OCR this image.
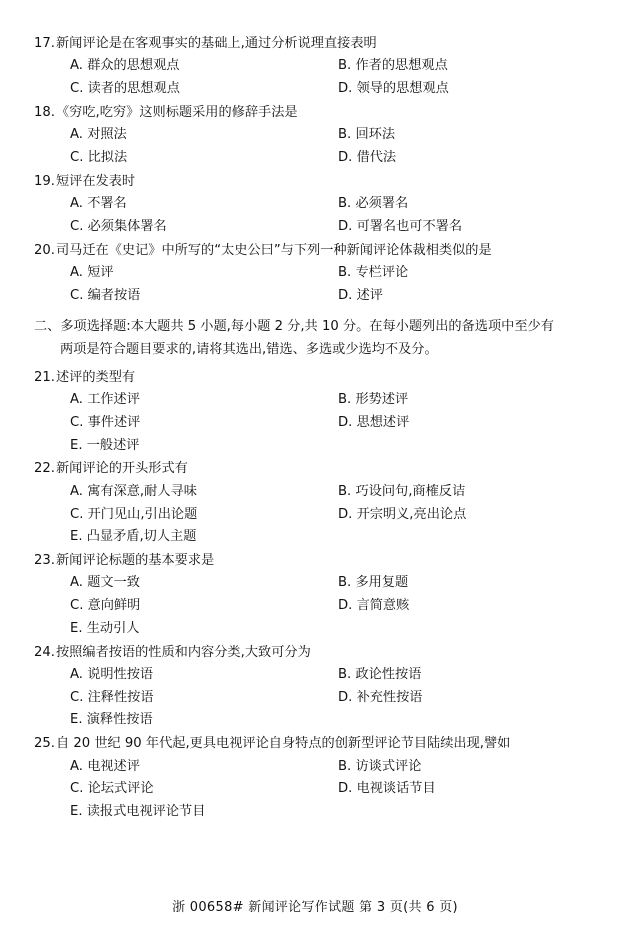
17.新闻评论是在客观事实的基础上,通过分析说理直接表明
A. 群众的思想观点	B. 作者的思想观点
C. 读者的思想观点	D. 领导的思想观点
18.《穷吃,吃穷》这则标题采用的修辞手法是
A. 对照法	B. 回环法
C. 比拟法	D. 借代法
19.短评在发表时
A. 不署名	B. 必须署名
C. 必须集体署名	D. 可署名也可不署名
20.司马迁在《史记》中所写的“太史公曰”与下列一种新闻评论体裁相类似的是
A. 短评	B. 专栏评论
C. 编者按语	D. 述评
二、多项选择题:本大题共 5 小题,每小题 2 分,共 10 分。在每小题列出的备选项中至少有
两项是符合题目要求的,请将其选出,错选、多选或少选均不及分。
21.述评的类型有
A. 工作述评	B. 形势述评
C. 事件述评	D. 思想述评
E. 一般述评
22.新闻评论的开头形式有
A. 寓有深意,耐人寻味	B. 巧设问句,商榷反诘
C. 开门见山,引出论题	D. 开宗明义,亮出论点
E. 凸显矛盾,切人主题
23.新闻评论标题的基本要求是
A. 题文一致	B. 多用复题
C. 意向鲜明	D. 言简意赅
E. 生动引人
24.按照编者按语的性质和内容分类,大致可分为
A. 说明性按语	B. 政论性按语
C. 注释性按语	D. 补充性按语
E. 演释性按语
25.自 20 世纪 90 年代起,更具电视评论自身特点的创新型评论节目陆续出现,譬如
A. 电视述评	B. 访谈式评论
C. 论坛式评论	D. 电视谈话节目
E. 读报式电视评论节目
浙 00658# 新闻评论写作试题 第 3 页(共 6 页)
